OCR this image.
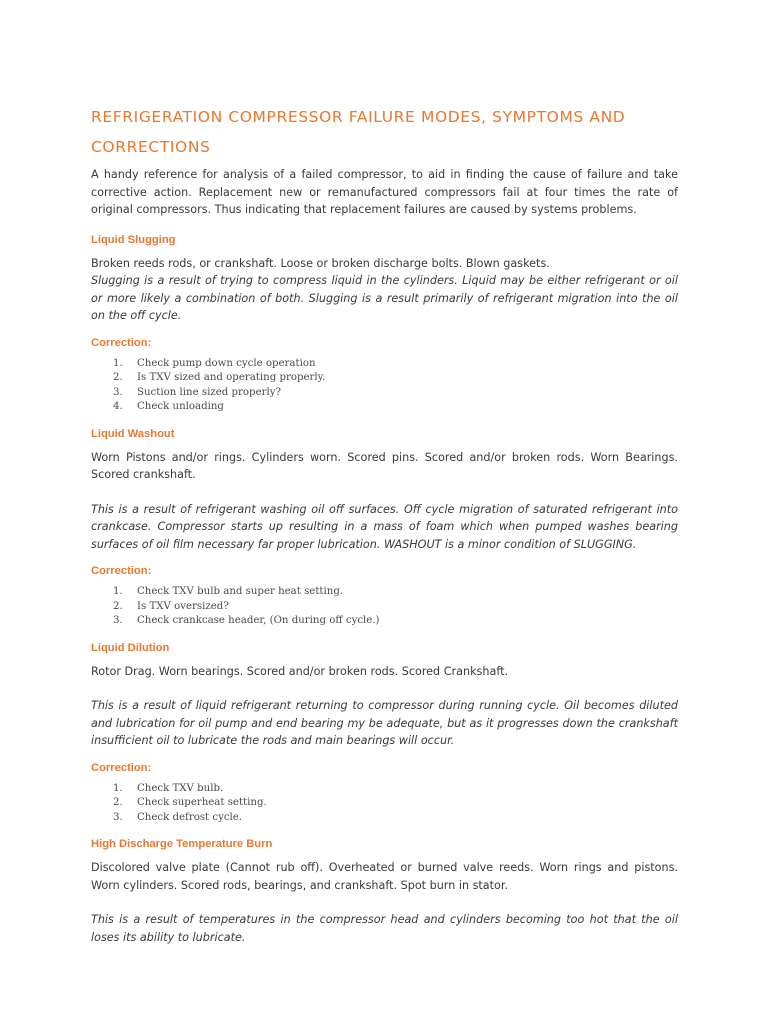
REFRIGERATION COMPRESSOR FAILURE MODES, SYMPTOMS AND CORRECTIONS

A handy reference for analysis of a failed compressor, to aid in finding the cause of failure and take corrective action. Replacement new or remanufactured compressors fail at four times the rate of original compressors. Thus indicating that replacement failures are caused by systems problems.

Liquid Slugging

Broken reeds rods, or crankshaft. Loose or broken discharge bolts. Blown gaskets.

Slugging is a result of trying to compress liquid in the cylinders. Liquid may be either refrigerant or oil or more likely a combination of both. Slugging is a result primarily of refrigerant migration into the oil on the off cycle.

Correction:

1. Check pump down cycle operation
2. Is TXV sized and operating properly.
3. Suction line sized properly?
4. Check unloading

Liquid Washout

Worn Pistons and/or rings. Cylinders worn. Scored pins. Scored and/or broken rods. Worn Bearings. Scored crankshaft.

This is a result of refrigerant washing oil off surfaces. Off cycle migration of saturated refrigerant into crankcase. Compressor starts up resulting in a mass of foam which when pumped washes bearing surfaces of oil film necessary far proper lubrication. WASHOUT is a minor condition of SLUGGING.

Correction:

1. Check TXV bulb and super heat setting.
2. Is TXV oversized?
3. Check crankcase header, (On during off cycle.)

Liquid Dilution

Rotor Drag. Worn bearings. Scored and/or broken rods. Scored Crankshaft.

This is a result of liquid refrigerant returning to compressor during running cycle. Oil becomes diluted and lubrication for oil pump and end bearing my be adequate, but as it progresses down the crankshaft insufficient oil to lubricate the rods and main bearings will occur.

Correction:

1. Check TXV bulb.
2. Check superheat setting.
3. Check defrost cycle.

High Discharge Temperature Burn

Discolored valve plate (Cannot rub off). Overheated or burned valve reeds. Worn rings and pistons. Worn cylinders. Scored rods, bearings, and crankshaft. Spot burn in stator.

This is a result of temperatures in the compressor head and cylinders becoming too hot that the oil loses its ability to lubricate.
